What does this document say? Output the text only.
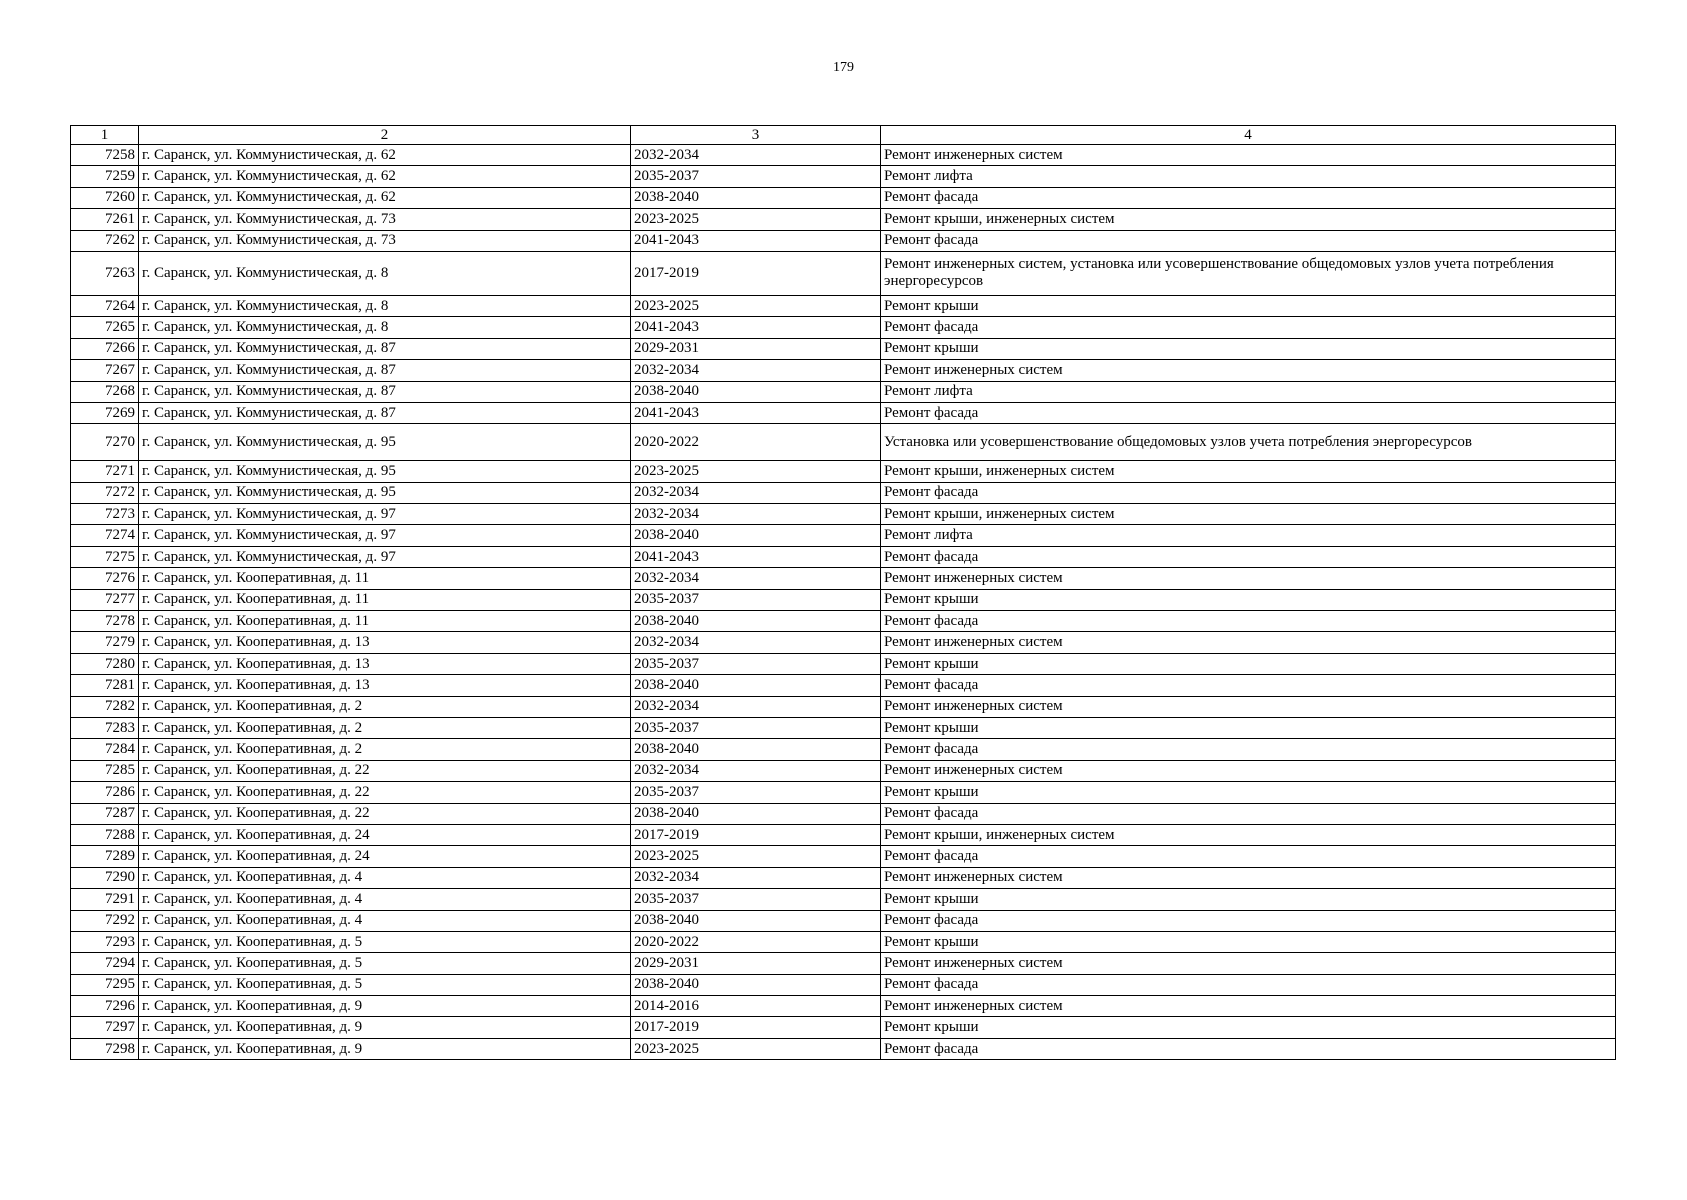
179
1	2	3	4
7258	г. Саранск, ул. Коммунистическая, д. 62	2032-2034	Ремонт инженерных систем
7259	г. Саранск, ул. Коммунистическая, д. 62	2035-2037	Ремонт лифта
7260	г. Саранск, ул. Коммунистическая, д. 62	2038-2040	Ремонт фасада
7261	г. Саранск, ул. Коммунистическая, д. 73	2023-2025	Ремонт крыши, инженерных систем
7262	г. Саранск, ул. Коммунистическая, д. 73	2041-2043	Ремонт фасада
7263	г. Саранск, ул. Коммунистическая, д. 8	2017-2019	Ремонт инженерных систем, установка или усовершенствование общедомовых узлов учета потребления энергоресурсов
7264	г. Саранск, ул. Коммунистическая, д. 8	2023-2025	Ремонт крыши
7265	г. Саранск, ул. Коммунистическая, д. 8	2041-2043	Ремонт фасада
7266	г. Саранск, ул. Коммунистическая, д. 87	2029-2031	Ремонт крыши
7267	г. Саранск, ул. Коммунистическая, д. 87	2032-2034	Ремонт инженерных систем
7268	г. Саранск, ул. Коммунистическая, д. 87	2038-2040	Ремонт лифта
7269	г. Саранск, ул. Коммунистическая, д. 87	2041-2043	Ремонт фасада
7270	г. Саранск, ул. Коммунистическая, д. 95	2020-2022	Установка или усовершенствование общедомовых узлов учета потребления энергоресурсов
7271	г. Саранск, ул. Коммунистическая, д. 95	2023-2025	Ремонт крыши, инженерных систем
7272	г. Саранск, ул. Коммунистическая, д. 95	2032-2034	Ремонт фасада
7273	г. Саранск, ул. Коммунистическая, д. 97	2032-2034	Ремонт крыши, инженерных систем
7274	г. Саранск, ул. Коммунистическая, д. 97	2038-2040	Ремонт лифта
7275	г. Саранск, ул. Коммунистическая, д. 97	2041-2043	Ремонт фасада
7276	г. Саранск, ул. Кооперативная, д. 11	2032-2034	Ремонт инженерных систем
7277	г. Саранск, ул. Кооперативная, д. 11	2035-2037	Ремонт крыши
7278	г. Саранск, ул. Кооперативная, д. 11	2038-2040	Ремонт фасада
7279	г. Саранск, ул. Кооперативная, д. 13	2032-2034	Ремонт инженерных систем
7280	г. Саранск, ул. Кооперативная, д. 13	2035-2037	Ремонт крыши
7281	г. Саранск, ул. Кооперативная, д. 13	2038-2040	Ремонт фасада
7282	г. Саранск, ул. Кооперативная, д. 2	2032-2034	Ремонт инженерных систем
7283	г. Саранск, ул. Кооперативная, д. 2	2035-2037	Ремонт крыши
7284	г. Саранск, ул. Кооперативная, д. 2	2038-2040	Ремонт фасада
7285	г. Саранск, ул. Кооперативная, д. 22	2032-2034	Ремонт инженерных систем
7286	г. Саранск, ул. Кооперативная, д. 22	2035-2037	Ремонт крыши
7287	г. Саранск, ул. Кооперативная, д. 22	2038-2040	Ремонт фасада
7288	г. Саранск, ул. Кооперативная, д. 24	2017-2019	Ремонт крыши, инженерных систем
7289	г. Саранск, ул. Кооперативная, д. 24	2023-2025	Ремонт фасада
7290	г. Саранск, ул. Кооперативная, д. 4	2032-2034	Ремонт инженерных систем
7291	г. Саранск, ул. Кооперативная, д. 4	2035-2037	Ремонт крыши
7292	г. Саранск, ул. Кооперативная, д. 4	2038-2040	Ремонт фасада
7293	г. Саранск, ул. Кооперативная, д. 5	2020-2022	Ремонт крыши
7294	г. Саранск, ул. Кооперативная, д. 5	2029-2031	Ремонт инженерных систем
7295	г. Саранск, ул. Кооперативная, д. 5	2038-2040	Ремонт фасада
7296	г. Саранск, ул. Кооперативная, д. 9	2014-2016	Ремонт инженерных систем
7297	г. Саранск, ул. Кооперативная, д. 9	2017-2019	Ремонт крыши
7298	г. Саранск, ул. Кооперативная, д. 9	2023-2025	Ремонт фасада
